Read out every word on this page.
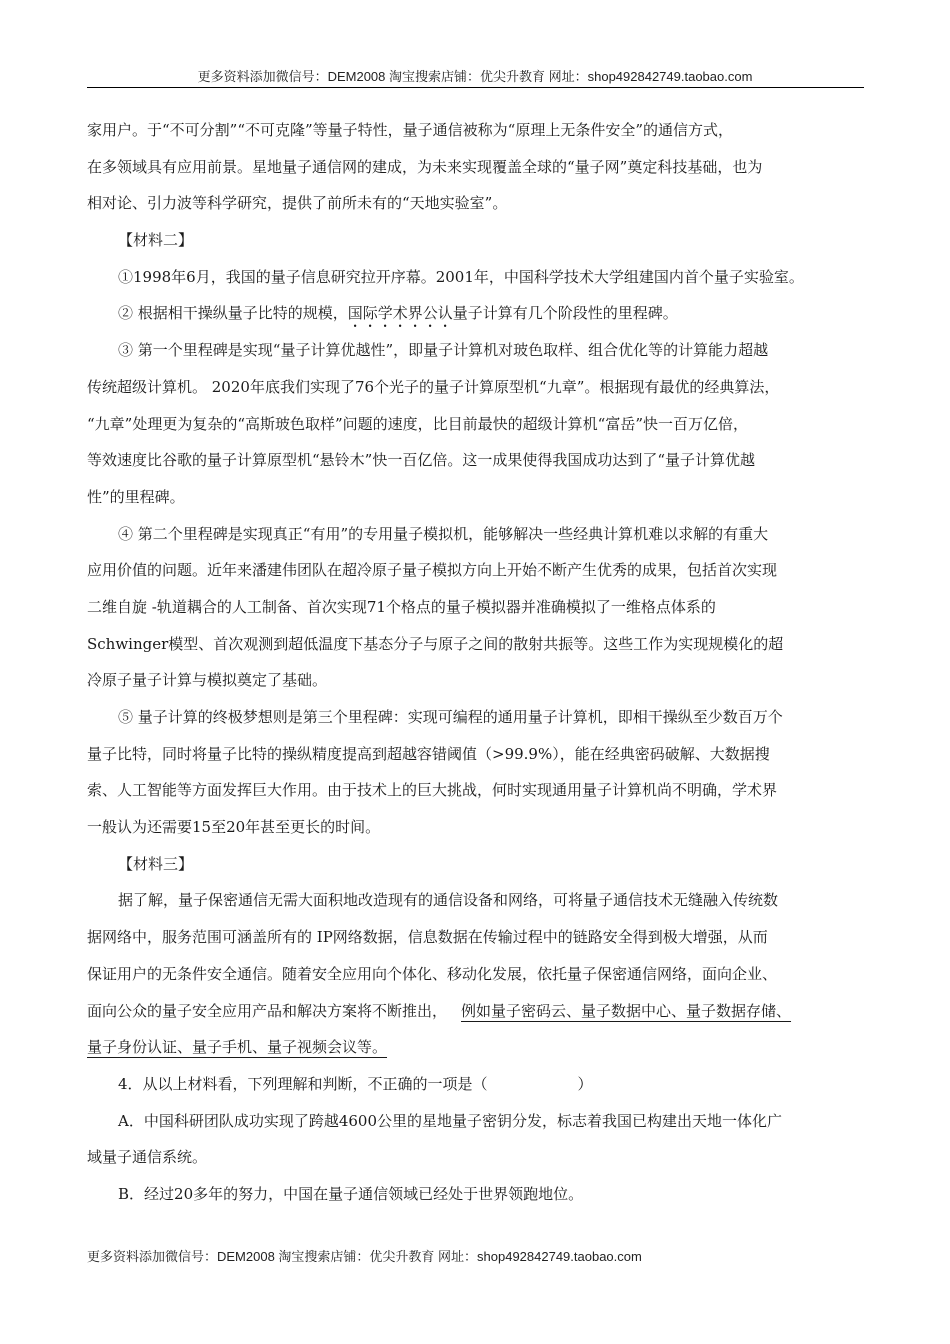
更多资料添加微信号：DEM2008 淘宝搜索店铺：优尖升教育 网址：shop492842749.taobao.com
家用户。于“不可分割”“不可克隆”等量子特性，量子通信被称为“原理上无条件安全”的通信方式，
在多领域具有应用前景。星地量子通信网的建成，为未来实现覆盖全球的“量子网”奠定科技基础，也为
相对论、引力波等科学研究，提供了前所未有的“天地实验室”。
【材料二】
①1998年6月，我国的量子信息研究拉开序幕。2001年，中国科学技术大学组建国内首个量子实验室。
② 根据相干操纵量子比特的规模，国际学术界公认量子计算有几个阶段性的里程碑。
③ 第一个里程碑是实现“量子计算优越性”，即量子计算机对玻色取样、组合优化等的计算能力超越
传统超级计算机。 2020年底我们实现了76个光子的量子计算原型机“九章”。根据现有最优的经典算法，
“九章”处理更为复杂的“高斯玻色取样”问题的速度，比目前最快的超级计算机“富岳”快一百万亿倍，
等效速度比谷歌的量子计算原型机“悬铃木”快一百亿倍。这一成果使得我国成功达到了“量子计算优越
性”的里程碑。
④ 第二个里程碑是实现真正“有用”的专用量子模拟机，能够解决一些经典计算机难以求解的有重大
应用价值的问题。近年来潘建伟团队在超冷原子量子模拟方向上开始不断产生优秀的成果，包括首次实现
二维自旋 -轨道耦合的人工制备、首次实现71个格点的量子模拟器并准确模拟了一维格点体系的
Schwinger模型、首次观测到超低温度下基态分子与原子之间的散射共振等。这些工作为实现规模化的超
冷原子量子计算与模拟奠定了基础。
⑤ 量子计算的终极梦想则是第三个里程碑：实现可编程的通用量子计算机，即相干操纵至少数百万个
量子比特，同时将量子比特的操纵精度提高到超越容错阈值（>99.9%），能在经典密码破解、大数据搜
索、人工智能等方面发挥巨大作用。由于技术上的巨大挑战，何时实现通用量子计算机尚不明确，学术界
一般认为还需要15至20年甚至更长的时间。
【材料三】
据了解，量子保密通信无需大面积地改造现有的通信设备和网络，可将量子通信技术无缝融入传统数
据网络中，服务范围可涵盖所有的 IP网络数据，信息数据在传输过程中的链路安全得到极大增强，从而
保证用户的无条件安全通信。随着安全应用向个体化、移动化发展，依托量子保密通信网络，面向企业、
面向公众的量子安全应用产品和解决方案将不断推出， 例如量子密码云、量子数据中心、量子数据存储、
量子身份认证、量子手机、量子视频会议等。
4．从以上材料看，下列理解和判断，不正确的一项是（　　　　　　）
A．中国科研团队成功实现了跨越4600公里的星地量子密钥分发，标志着我国已构建出天地一体化广
域量子通信系统。
B．经过20多年的努力，中国在量子通信领域已经处于世界领跑地位。
更多资料添加微信号：DEM2008 淘宝搜索店铺：优尖升教育 网址：shop492842749.taobao.com
